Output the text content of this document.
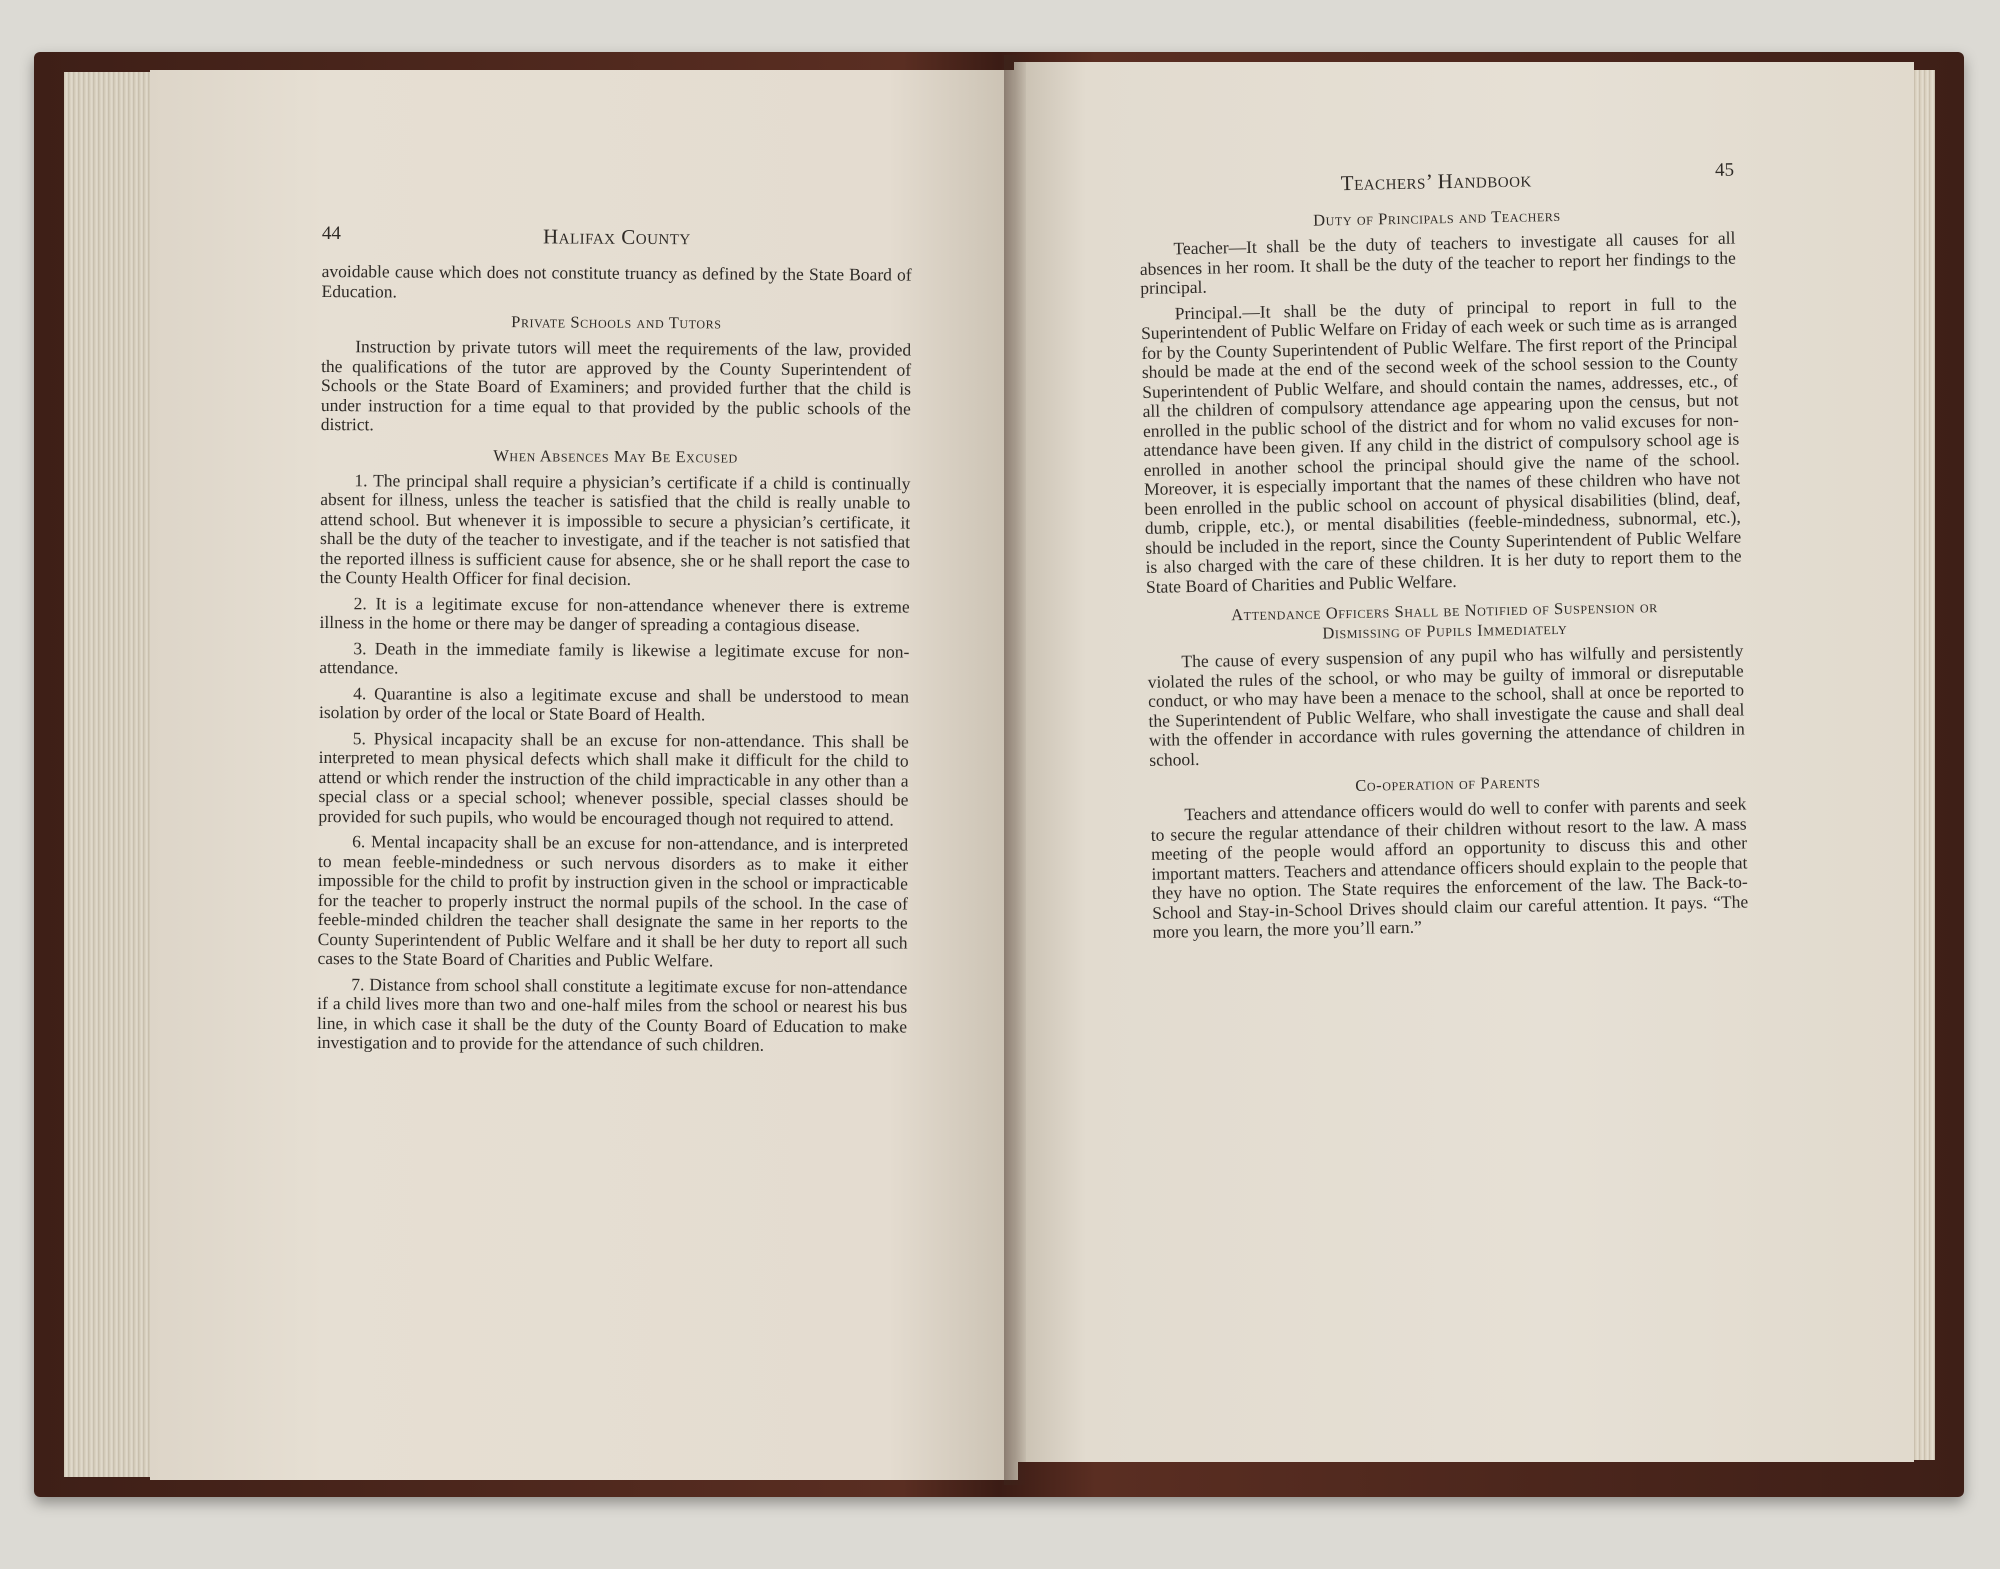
44	Halifax County

avoidable cause which does not constitute truancy as defined by the State Board of Education.

Private Schools and Tutors

Instruction by private tutors will meet the requirements of the law, provided the qualifications of the tutor are approved by the County Superintendent of Schools or the State Board of Examiners; and provided further that the child is under instruction for a time equal to that provided by the public schools of the district.

When Absences May Be Excused

1. The principal shall require a physician’s certificate if a child is continually absent for illness, unless the teacher is satisfied that the child is really unable to attend school. But whenever it is impossible to secure a physician’s certificate, it shall be the duty of the teacher to investigate, and if the teacher is not satisfied that the reported illness is sufficient cause for absence, she or he shall report the case to the County Health Officer for final decision.

2. It is a legitimate excuse for non-attendance whenever there is extreme illness in the home or there may be danger of spreading a contagious disease.

3. Death in the immediate family is likewise a legitimate excuse for non-attendance.

4. Quarantine is also a legitimate excuse and shall be understood to mean isolation by order of the local or State Board of Health.

5. Physical incapacity shall be an excuse for non-attendance. This shall be interpreted to mean physical defects which shall make it difficult for the child to attend or which render the instruction of the child impracticable in any other than a special class or a special school; whenever possible, special classes should be provided for such pupils, who would be encouraged though not required to attend.

6. Mental incapacity shall be an excuse for non-attendance, and is interpreted to mean feeble-mindedness or such nervous disorders as to make it either impossible for the child to profit by instruction given in the school or impracticable for the teacher to properly instruct the normal pupils of the school. In the case of feeble-minded children the teacher shall designate the same in her reports to the County Superintendent of Public Welfare and it shall be her duty to report all such cases to the State Board of Charities and Public Welfare.

7. Distance from school shall constitute a legitimate excuse for non-attendance if a child lives more than two and one-half miles from the school or nearest his bus line, in which case it shall be the duty of the County Board of Education to make investigation and to provide for the attendance of such children.

Teachers’ Handbook	45
Duty of Principals and Teachers

Teacher—It shall be the duty of teachers to investigate all causes for all absences in her room. It shall be the duty of the teacher to report her findings to the principal.

Principal.—It shall be the duty of principal to report in full to the Superintendent of Public Welfare on Friday of each week or such time as is arranged for by the County Superintendent of Public Welfare. The first report of the Principal should be made at the end of the second week of the school session to the County Superintendent of Public Welfare, and should contain the names, addresses, etc., of all the children of compulsory attendance age appearing upon the census, but not enrolled in the public school of the district and for whom no valid excuses for non-attendance have been given. If any child in the district of compulsory school age is enrolled in another school the principal should give the name of the school. Moreover, it is especially important that the names of these children who have not been enrolled in the public school on account of physical disabilities (blind, deaf, dumb, cripple, etc.), or mental disabilities (feeble-mindedness, subnormal, etc.), should be included in the report, since the County Superintendent of Public Welfare is also charged with the care of these children. It is her duty to report them to the State Board of Charities and Public Welfare.

Attendance Officers Shall be Notified of Suspension or
Dismissing of Pupils Immediately

The cause of every suspension of any pupil who has wilfully and persistently violated the rules of the school, or who may be guilty of immoral or disreputable conduct, or who may have been a menace to the school, shall at once be reported to the Superintendent of Public Welfare, who shall investigate the cause and shall deal with the offender in accordance with rules governing the attendance of children in school.

Co-operation of Parents

Teachers and attendance officers would do well to confer with parents and seek to secure the regular attendance of their children without resort to the law. A mass meeting of the people would afford an opportunity to discuss this and other important matters. Teachers and attendance officers should explain to the people that they have no option. The State requires the enforcement of the law. The Back-to-School and Stay-in-School Drives should claim our careful attention. It pays. “The more you learn, the more you’ll earn.”
